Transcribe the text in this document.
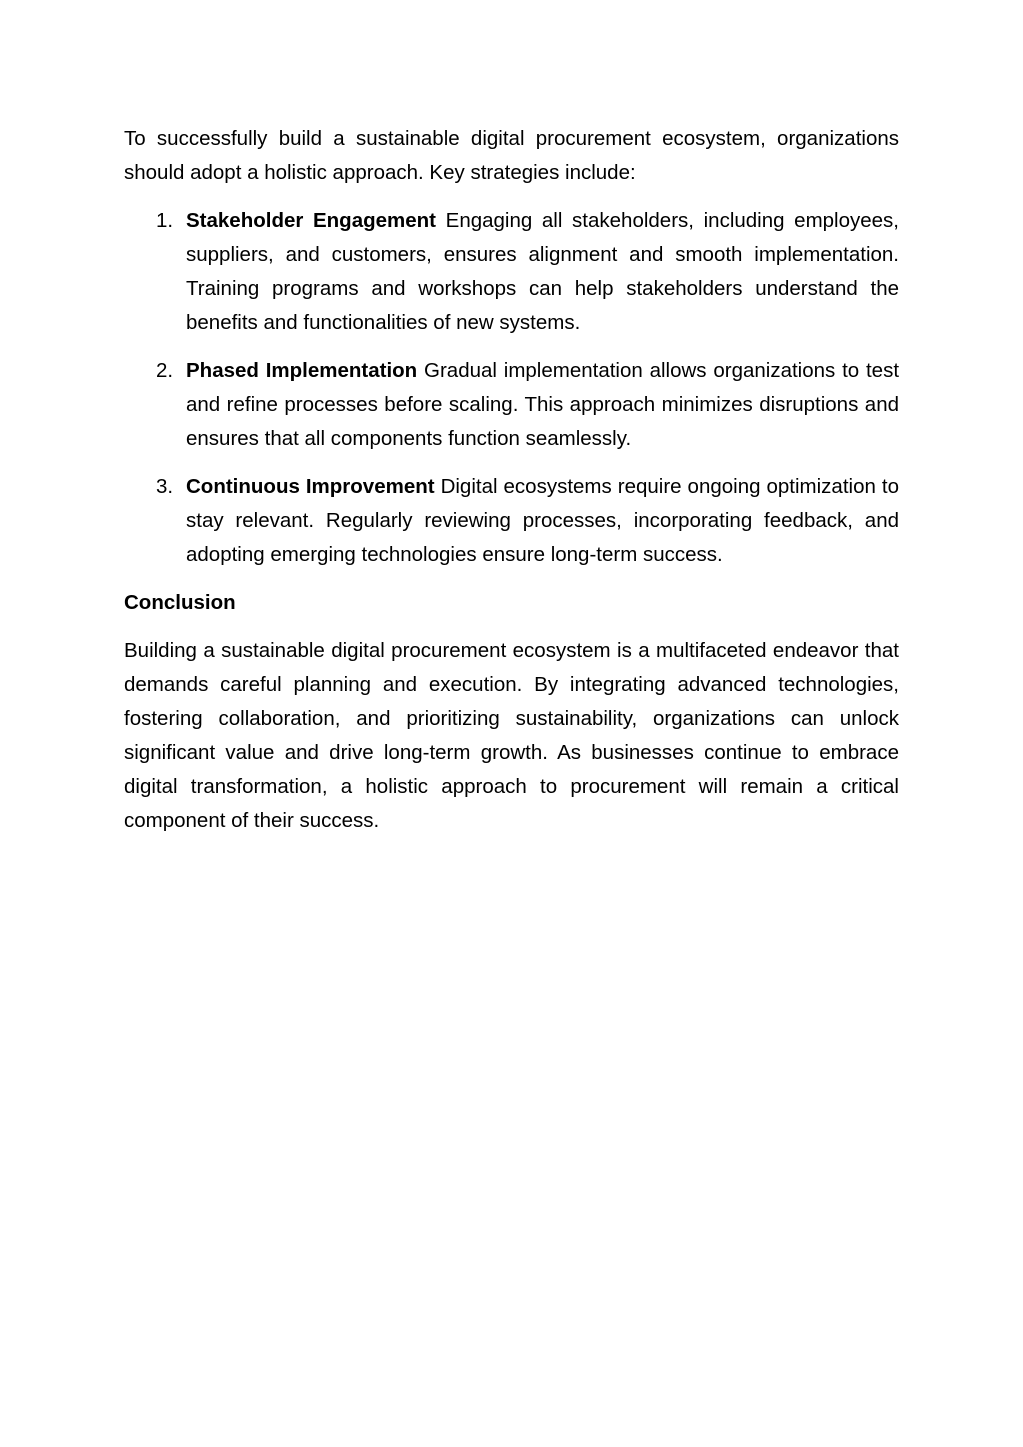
To successfully build a sustainable digital procurement ecosystem, organizations should adopt a holistic approach. Key strategies include:

1. Stakeholder Engagement Engaging all stakeholders, including employees, suppliers, and customers, ensures alignment and smooth implementation. Training programs and workshops can help stakeholders understand the benefits and functionalities of new systems.
2. Phased Implementation Gradual implementation allows organizations to test and refine processes before scaling. This approach minimizes disruptions and ensures that all components function seamlessly.
3. Continuous Improvement Digital ecosystems require ongoing optimization to stay relevant. Regularly reviewing processes, incorporating feedback, and adopting emerging technologies ensure long-term success.

Conclusion

Building a sustainable digital procurement ecosystem is a multifaceted endeavor that demands careful planning and execution. By integrating advanced technologies, fostering collaboration, and prioritizing sustainability, organizations can unlock significant value and drive long-term growth. As businesses continue to embrace digital transformation, a holistic approach to procurement will remain a critical component of their success.
